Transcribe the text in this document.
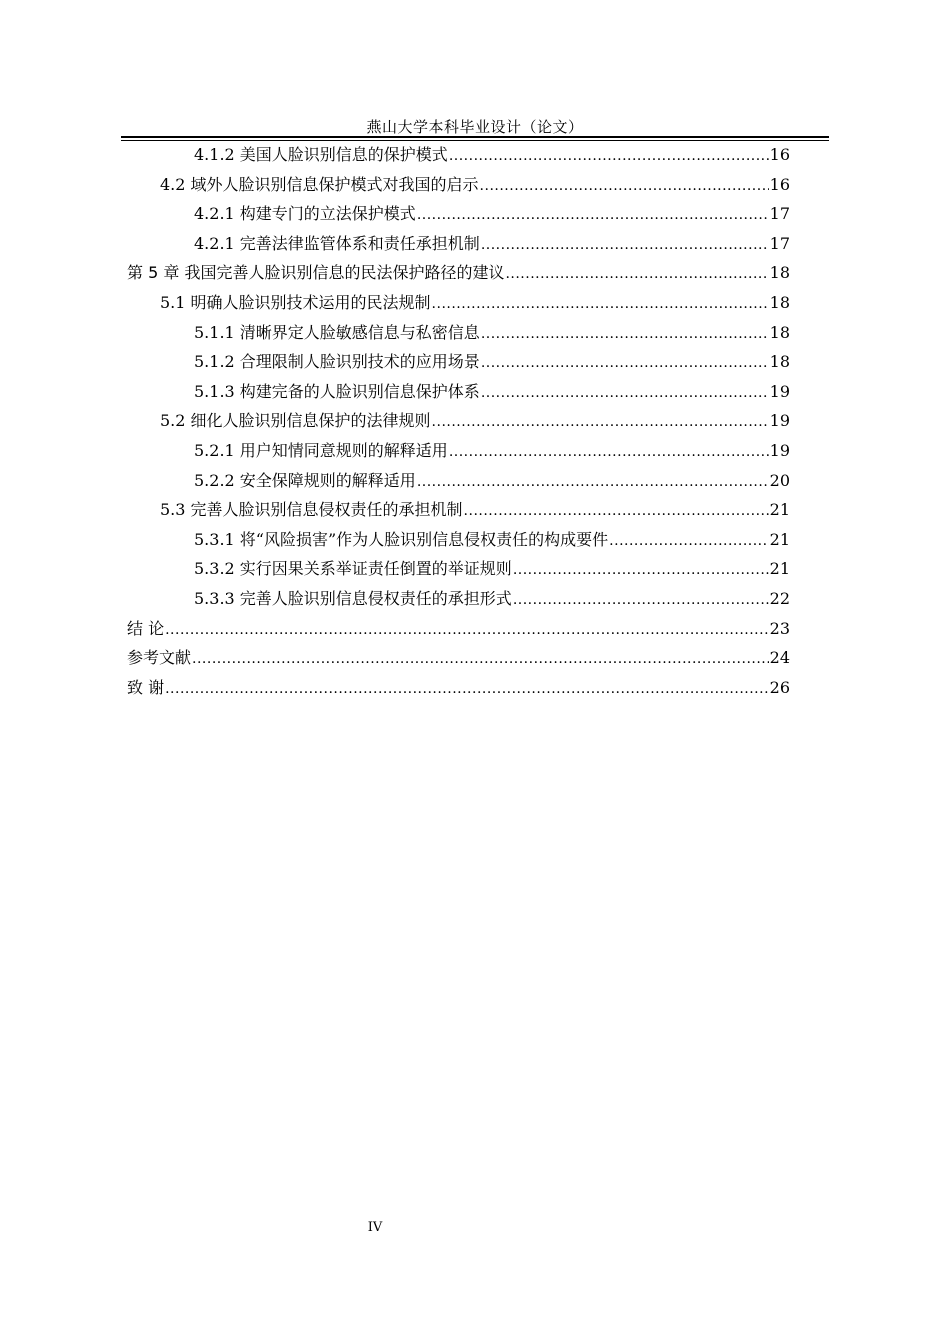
燕山大学本科毕业设计（论文）
4.1.2 美国人脸识别信息的保护模式 .....	16
4.2 域外人脸识别信息保护模式对我国的启示 .....	16
4.2.1 构建专门的立法保护模式 .....	17
4.2.1 完善法律监管体系和责任承担机制 .....	17
第 5 章 我国完善人脸识别信息的民法保护路径的建议 .....	18
5.1 明确人脸识别技术运用的民法规制 .....	18
5.1.1 清晰界定人脸敏感信息与私密信息 .....	18
5.1.2 合理限制人脸识别技术的应用场景 .....	18
5.1.3 构建完备的人脸识别信息保护体系 .....	19
5.2 细化人脸识别信息保护的法律规则 .....	19
5.2.1 用户知情同意规则的解释适用 .....	19
5.2.2 安全保障规则的解释适用 .....	20
5.3 完善人脸识别信息侵权责任的承担机制 .....	21
5.3.1 将“风险损害”作为人脸识别信息侵权责任的构成要件 .....	21
5.3.2 实行因果关系举证责任倒置的举证规则 .....	21
5.3.3 完善人脸识别信息侵权责任的承担形式 .....	22
结 论 .....	23
参考文献 .....	24
致 谢 .....	26
IV
